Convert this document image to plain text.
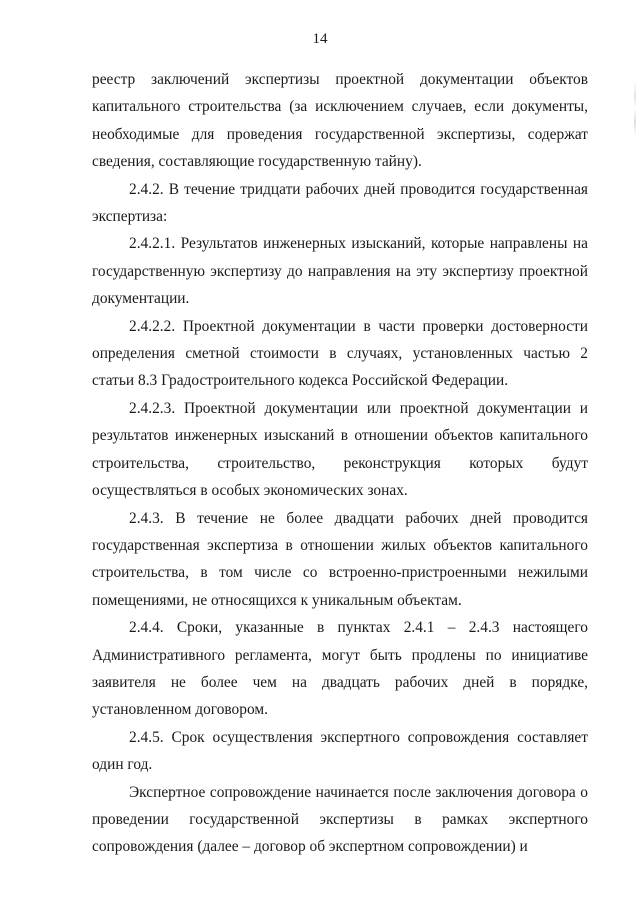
14

реестр заключений экспертизы проектной документации объектов капитального строительства (за исключением случаев, если документы, необходимые для проведения государственной экспертизы, содержат сведения, составляющие государственную тайну).

2.4.2. В течение тридцати рабочих дней проводится государственная экспертиза:

2.4.2.1. Результатов инженерных изысканий, которые направлены на государственную экспертизу до направления на эту экспертизу проектной документации.

2.4.2.2. Проектной документации в части проверки достоверности определения сметной стоимости в случаях, установленных частью 2 статьи 8.3 Градостроительного кодекса Российской Федерации.

2.4.2.3. Проектной документации или проектной документации и результатов инженерных изысканий в отношении объектов капитального строительства, строительство, реконструкция которых будут осуществляться в особых экономических зонах.

2.4.3. В течение не более двадцати рабочих дней проводится государственная экспертиза в отношении жилых объектов капитального строительства, в том числе со встроенно-пристроенными нежилыми помещениями, не относящихся к уникальным объектам.

2.4.4. Сроки, указанные в пунктах 2.4.1 – 2.4.3 настоящего Административного регламента, могут быть продлены по инициативе заявителя не более чем на двадцать рабочих дней в порядке, установленном договором.

2.4.5. Срок осуществления экспертного сопровождения составляет один год.

Экспертное сопровождение начинается после заключения договора о проведении государственной экспертизы в рамках экспертного сопровождения (далее – договор об экспертном сопровождении) и
